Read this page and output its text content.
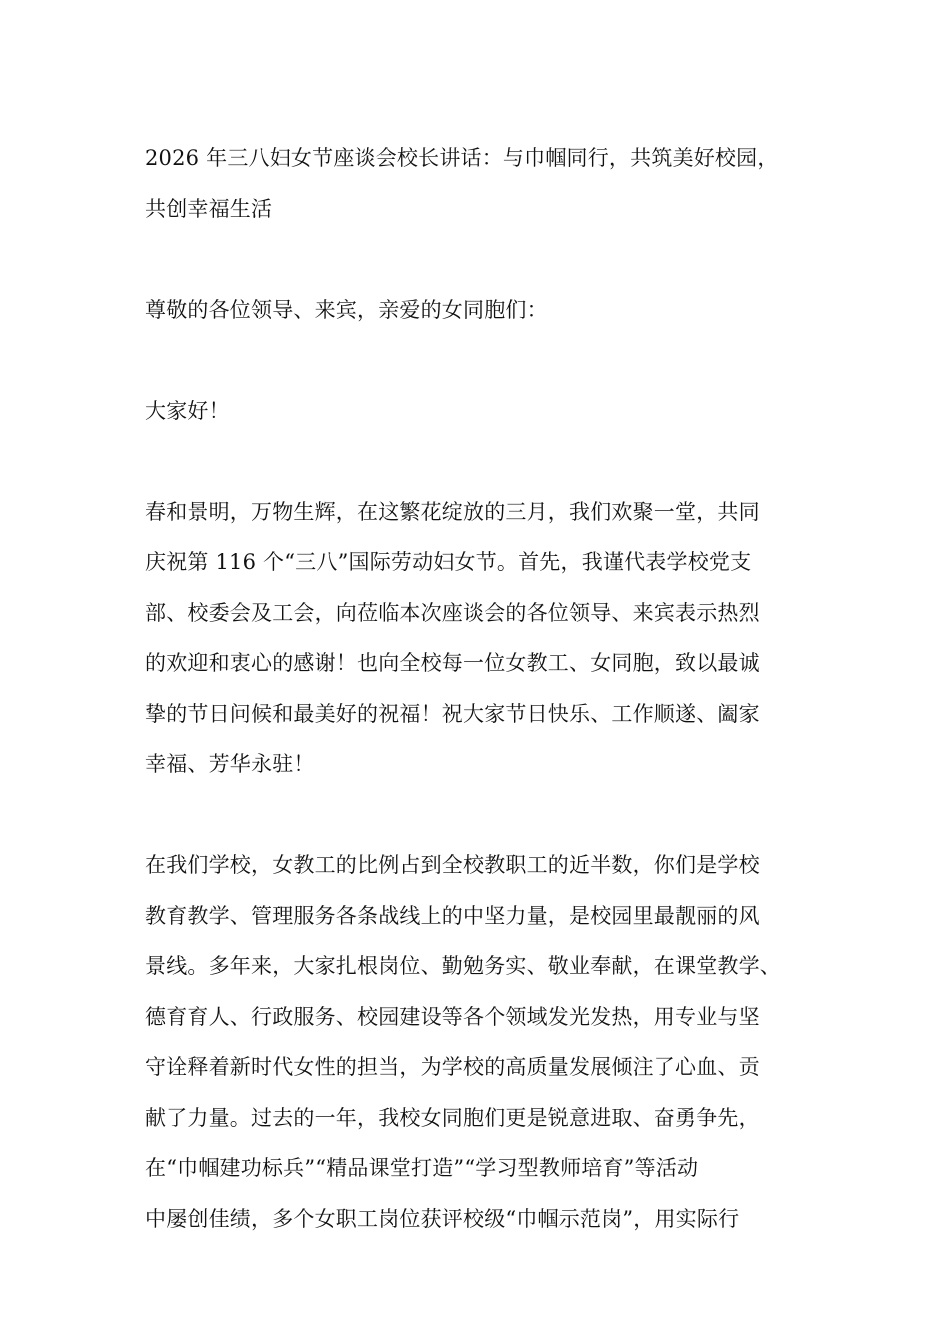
2026 年三八妇女节座谈会校长讲话：与巾帼同行，共筑美好校园，
共创幸福生活
尊敬的各位领导、来宾，亲爱的女同胞们：
大家好！
春和景明，万物生辉，在这繁花绽放的三月，我们欢聚一堂，共同
庆祝第 116 个“三八”国际劳动妇女节。首先，我谨代表学校党支
部、校委会及工会，向莅临本次座谈会的各位领导、来宾表示热烈
的欢迎和衷心的感谢！也向全校每一位女教工、女同胞，致以最诚
挚的节日问候和最美好的祝福！祝大家节日快乐、工作顺遂、阖家
幸福、芳华永驻！
在我们学校，女教工的比例占到全校教职工的近半数，你们是学校
教育教学、管理服务各条战线上的中坚力量，是校园里最靓丽的风
景线。多年来，大家扎根岗位、勤勉务实、敬业奉献，在课堂教学、
德育育人、行政服务、校园建设等各个领域发光发热，用专业与坚
守诠释着新时代女性的担当，为学校的高质量发展倾注了心血、贡
献了力量。过去的一年，我校女同胞们更是锐意进取、奋勇争先，
在“巾帼建功标兵”“精品课堂打造”“学习型教师培育”等活动
中屡创佳绩，多个女职工岗位获评校级“巾帼示范岗”，用实际行
